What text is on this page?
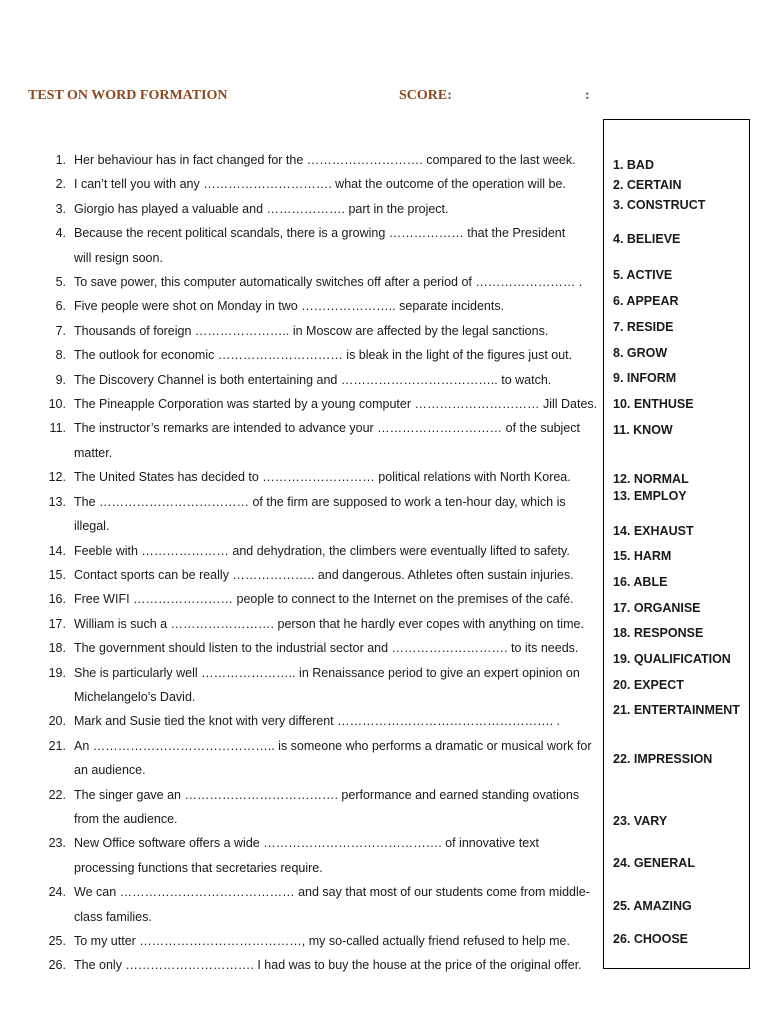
TEST ON WORD FORMATION	SCORE:	:
1. Her behaviour has in fact changed for the ………………………. compared to the last week.
2. I can’t tell you with any …………………………. what the outcome of the operation will be.
3. Giorgio has played a valuable and ………………. part in the project.
4. Because the recent political scandals, there is a growing ……………… that the President
will resign soon.
5. To save power, this computer automatically switches off after a period of …………………… .
6. Five people were shot on Monday in two ………………….. separate incidents.
7. Thousands of foreign ………………….. in Moscow are affected by the legal sanctions.
8. The outlook for economic ………………………… is bleak in the light of the figures just out.
9. The Discovery Channel is both entertaining and ……………………………….. to watch.
10. The Pineapple Corporation was started by a young computer ………………………… Jill Dates.
11. The instructor’s remarks are intended to advance your ………………………… of the subject
matter.
12. The United States has decided to ……………………… political relations with North Korea.
13. The ……………………………… of the firm are supposed to work a ten-hour day, which is illegal.
14. Feeble with ………………… and dehydration, the climbers were eventually lifted to safety.
15. Contact sports can be really ……………….. and dangerous. Athletes often sustain injuries.
16. Free WIFI …………………… people to connect to the Internet on the premises of the café.
17. William is such a ……………………. person that he hardly ever copes with anything on time.
18. The government should listen to the industrial sector and ………………………. to its needs.
19. She is particularly well ………………….. in Renaissance period to give an expert opinion on
Michelangelo’s David.
20. Mark and Susie tied the knot with very different ……………………………………………. .
21. An …………………………………….. is someone who performs a dramatic or musical work for
an audience.
22. The singer gave an ………………………………. performance and earned standing ovations
from the audience.
23. New Office software offers a wide ……………………………………. of innovative text
processing functions that secretaries require.
24. We can …………………………………… and say that most of our students come from middle-
class families.
25. To my utter …………………………………, my so-called actually friend refused to help me.
26. The only …………………………. I had was to buy the house at the price of the original offer.
1. BAD
2. CERTAIN
3. CONSTRUCT
4. BELIEVE
5. ACTIVE
6. APPEAR
7. RESIDE
8. GROW
9. INFORM
10. ENTHUSE
11. KNOW
12. NORMAL
13. EMPLOY
14. EXHAUST
15. HARM
16. ABLE
17. ORGANISE
18. RESPONSE
19. QUALIFICATION
20. EXPECT
21. ENTERTAINMENT
22. IMPRESSION
23. VARY
24. GENERAL
25. AMAZING
26. CHOOSE
